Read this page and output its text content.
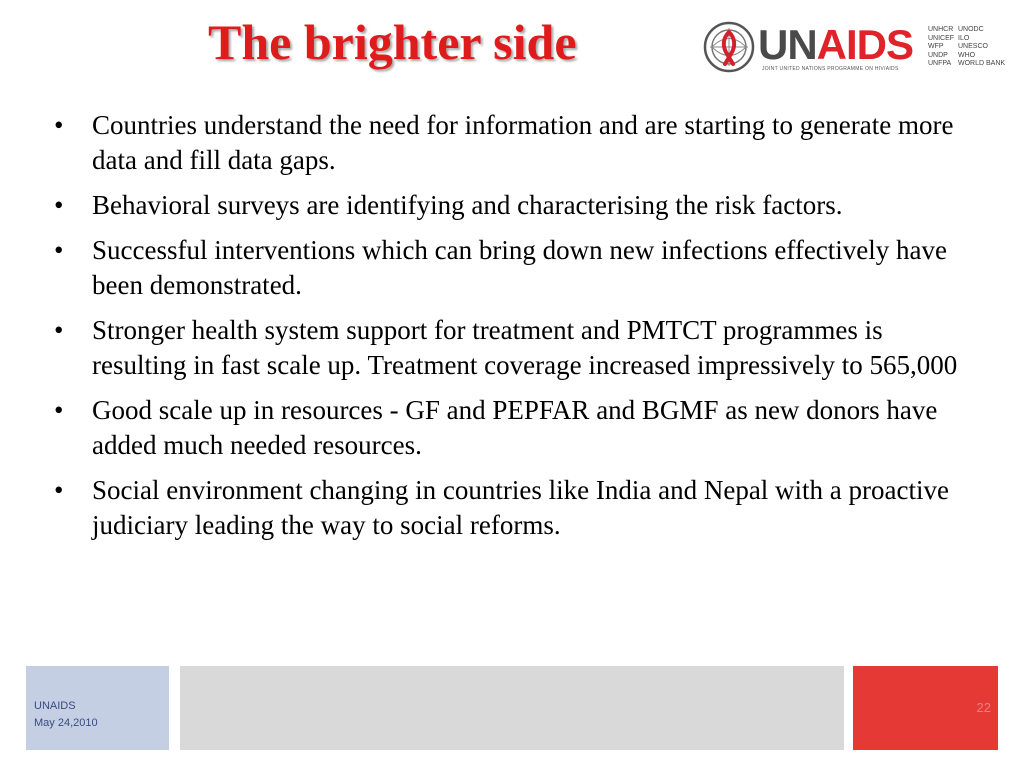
The brighter side	UNAIDS
JOINT UNITED NATIONS PROGRAMME ON HIV/AIDS
UNHCR
UNICEF
WFP
UNDP
UNFPA
UNODC
ILO
UNESCO
WHO
WORLD BANK
• Countries understand the need for information and are starting to generate more data and fill data gaps.
• Behavioral surveys are identifying and characterising the risk factors.
• Successful interventions which can bring down new infections effectively have been demonstrated.
• Stronger health system support for treatment and PMTCT programmes is resulting in fast scale up. Treatment coverage increased impressively to 565,000
• Good scale up in resources - GF and PEPFAR and BGMF as new donors have added much needed resources.
• Social environment changing in countries like India and Nepal with a proactive judiciary leading the way to social reforms.
UNAIDS
May 24,2010
22
